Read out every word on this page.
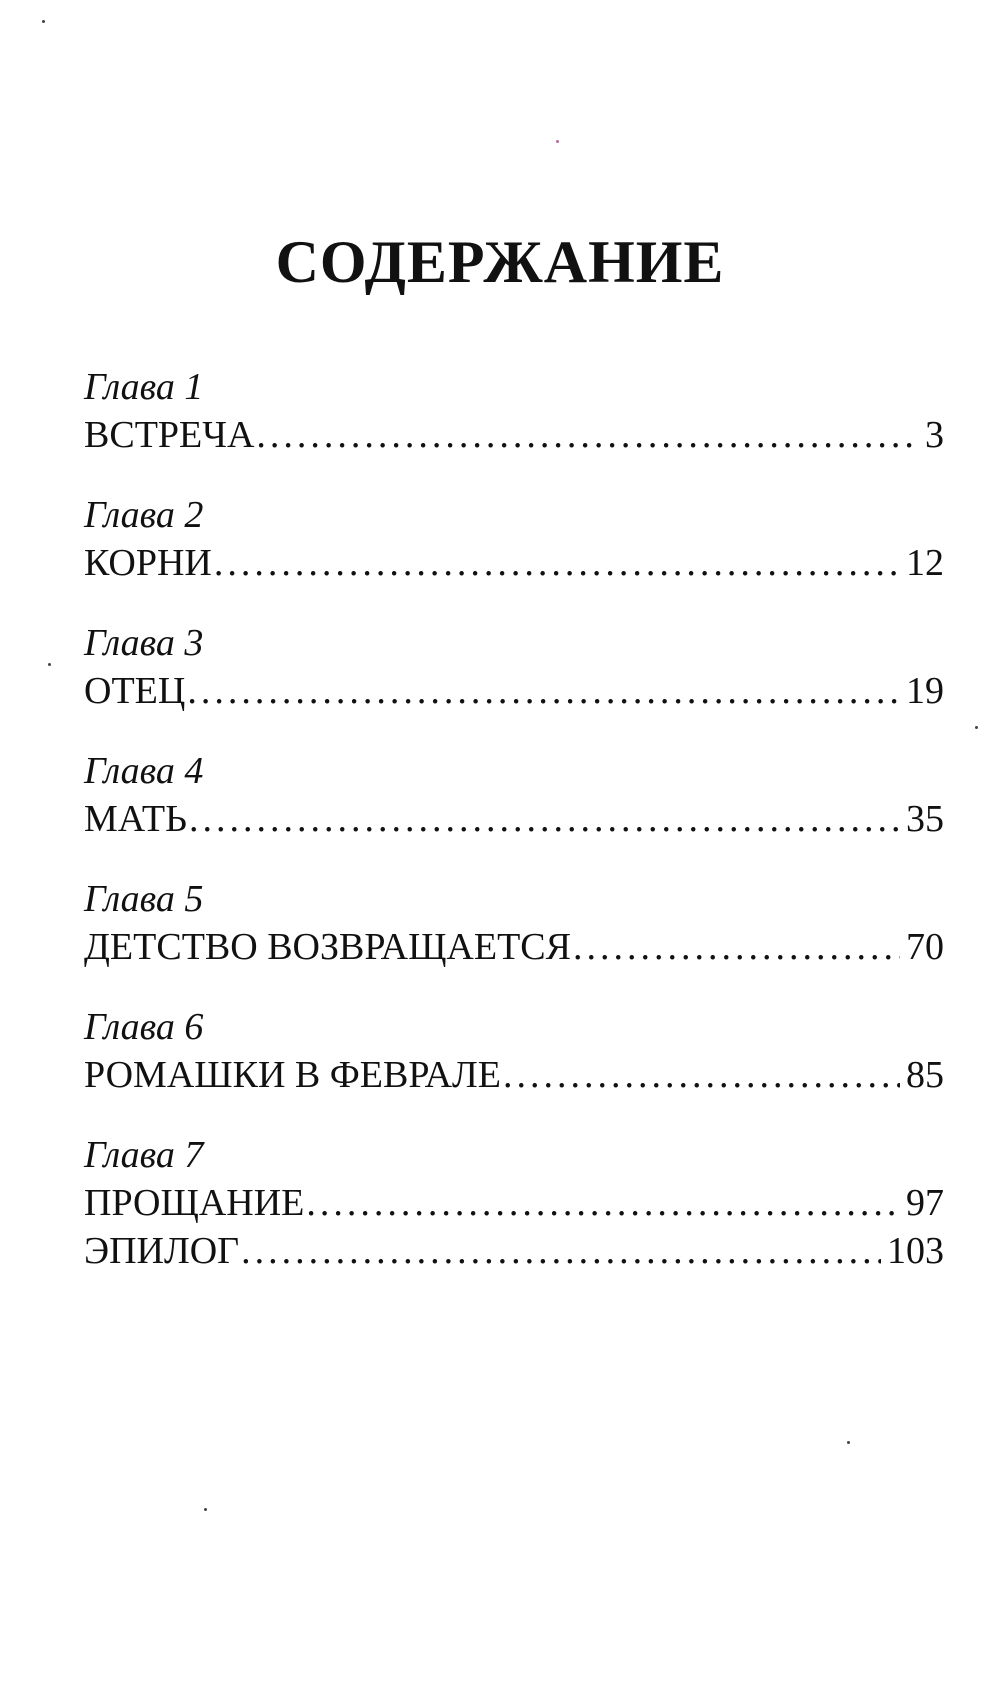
СОДЕРЖАНИЕ
Глава 1
ВСТРЕЧА .....	3
Глава 2
КОРНИ .....	12
Глава 3
ОТЕЦ .....	19
Глава 4
МАТЬ .....	35
Глава 5
ДЕТСТВО ВОЗВРАЩАЕТСЯ .....	70
Глава 6
РОМАШКИ В ФЕВРАЛЕ .....	85
Глава 7
ПРОЩАНИЕ .....	97
ЭПИЛОГ .....	103
